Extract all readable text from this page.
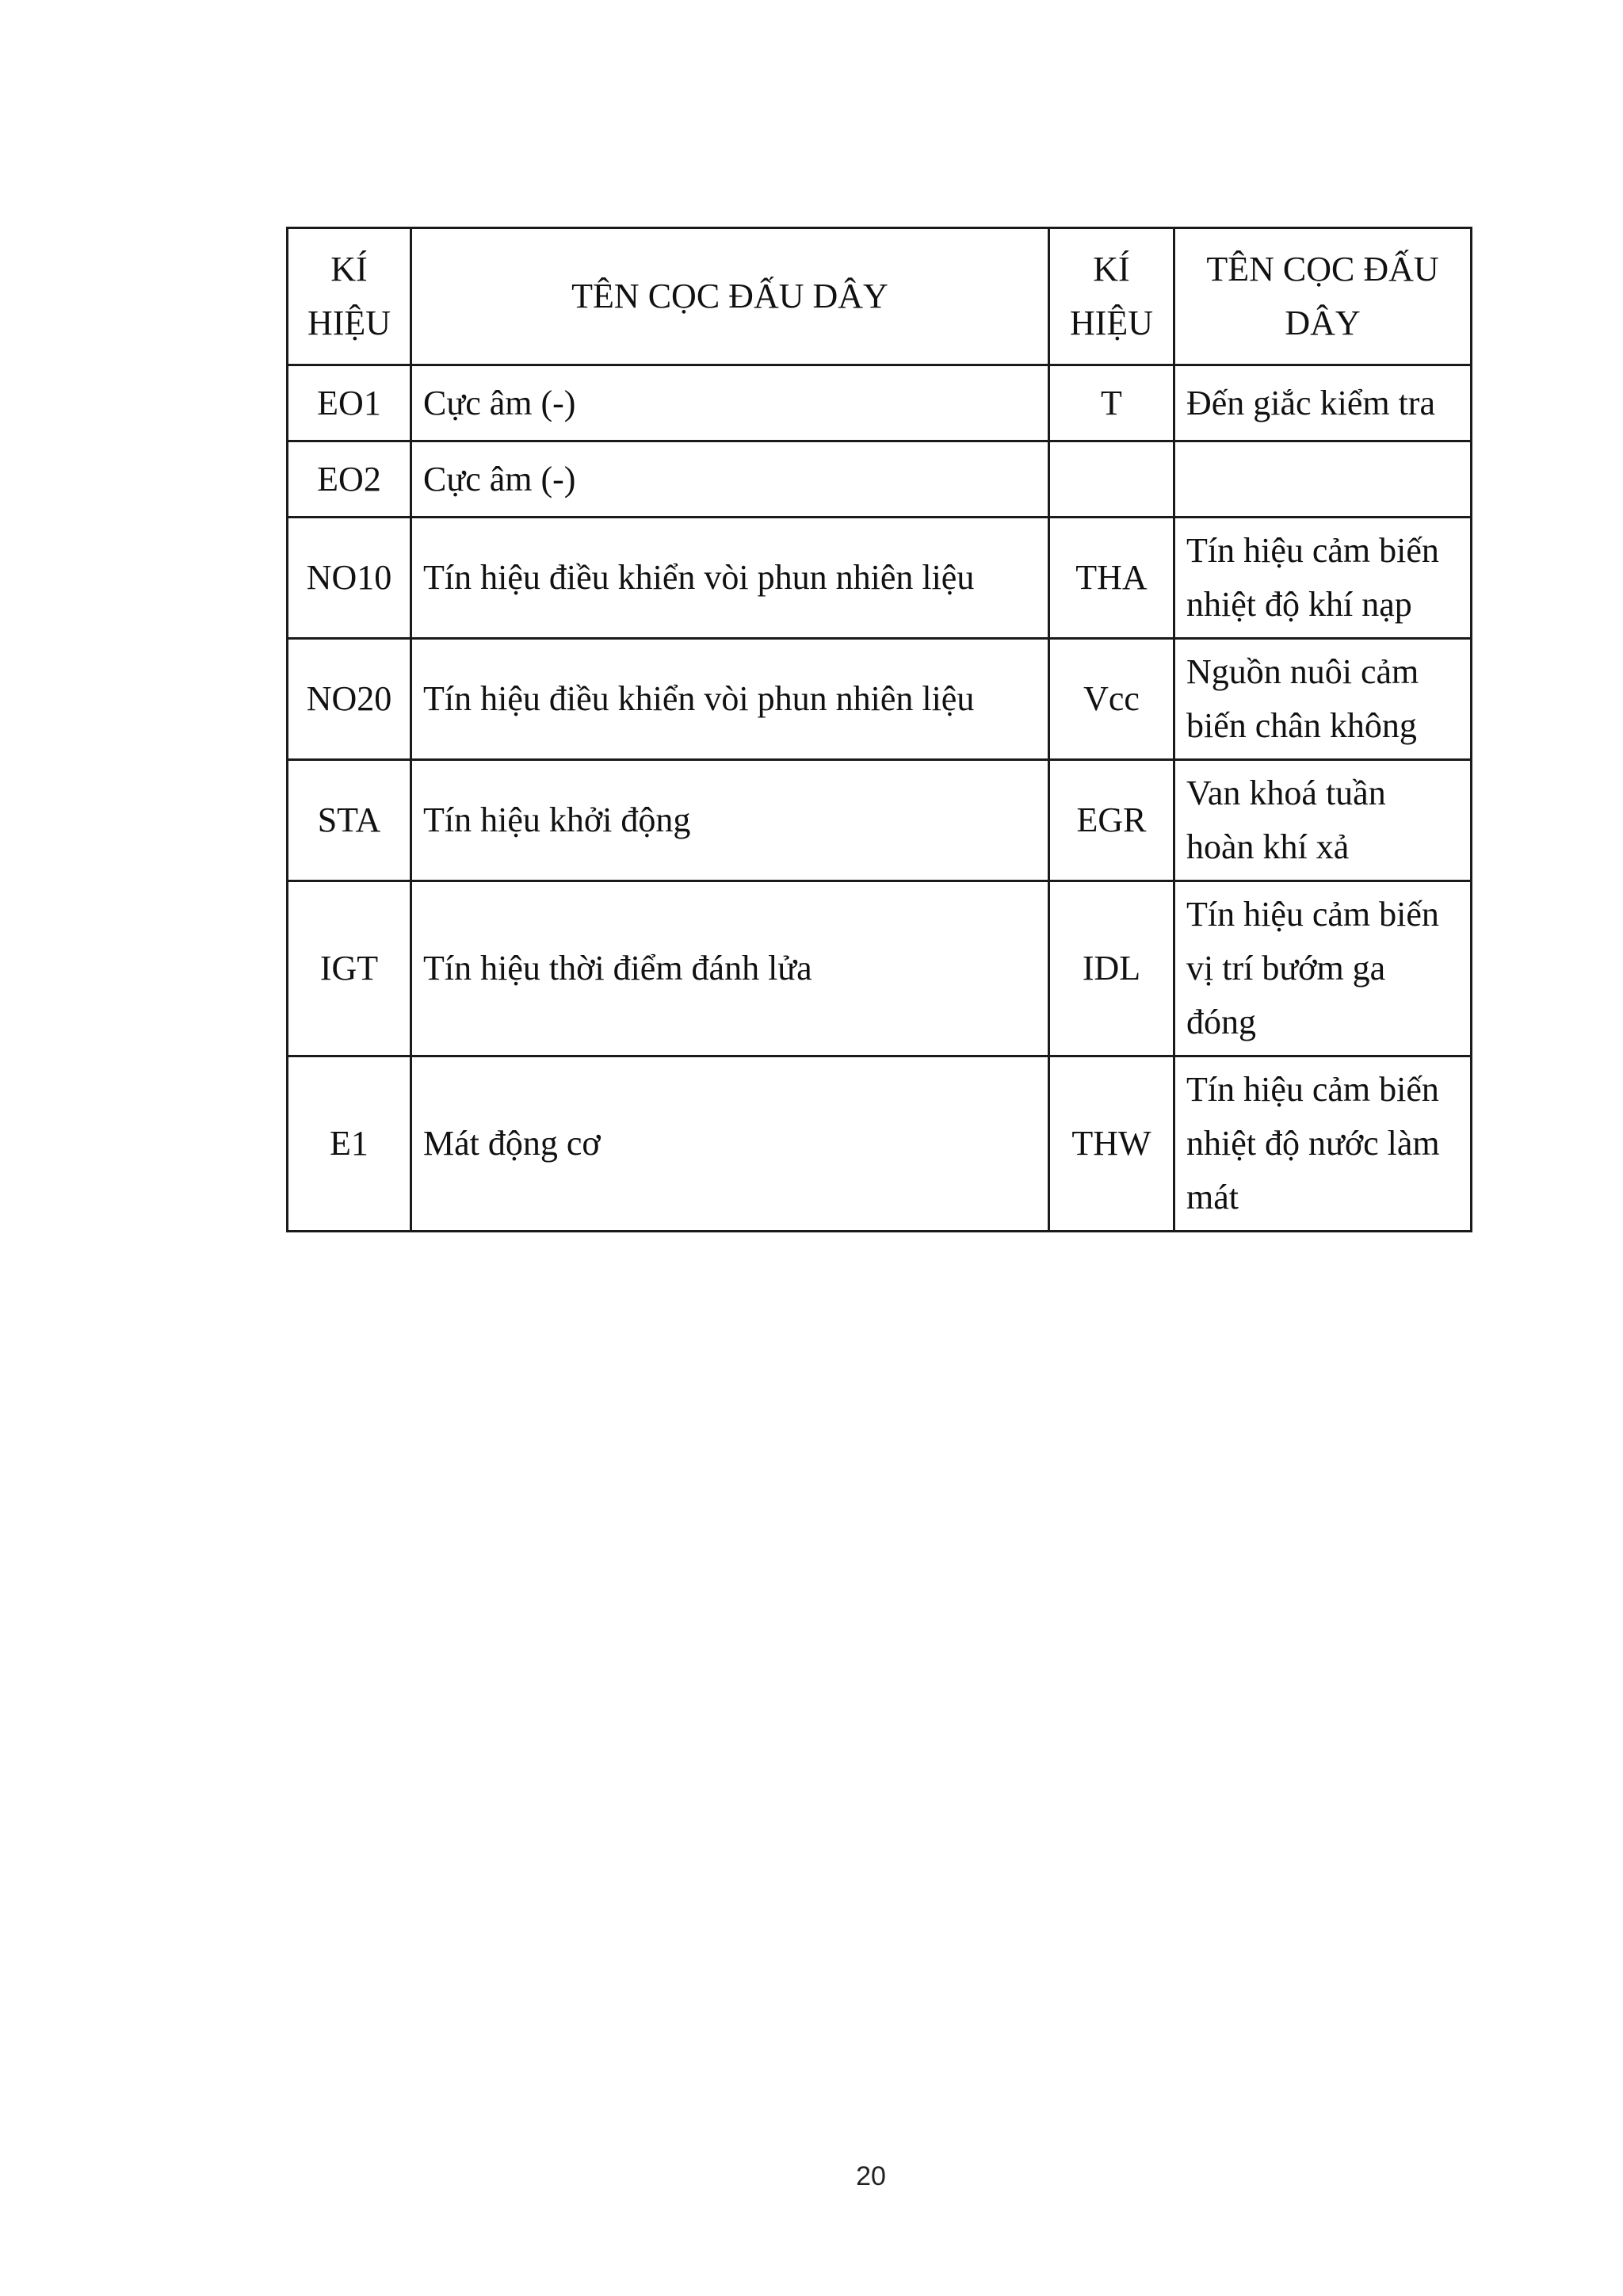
KÍ HIỆU	TÊN CỌC ĐẤU DÂY	KÍ HIỆU	TÊN CỌC ĐẤU DÂY
EO1	Cực âm (-)	T	Đến giắc kiểm tra
EO2	Cực âm (-)		
NO10	Tín hiệu điều khiển vòi phun nhiên liệu	THA	Tín hiệu cảm biến nhiệt độ khí nạp
NO20	Tín hiệu điều khiển vòi phun nhiên liệu	Vcc	Nguồn nuôi cảm biến chân không
STA	Tín hiệu khởi động	EGR	Van khoá tuần hoàn khí xả
IGT	Tín hiệu thời điểm đánh lửa	IDL	Tín hiệu cảm biến vị trí bướm ga đóng
E1	Mát động cơ	THW	Tín hiệu cảm biến nhiệt độ nước làm mát
20
